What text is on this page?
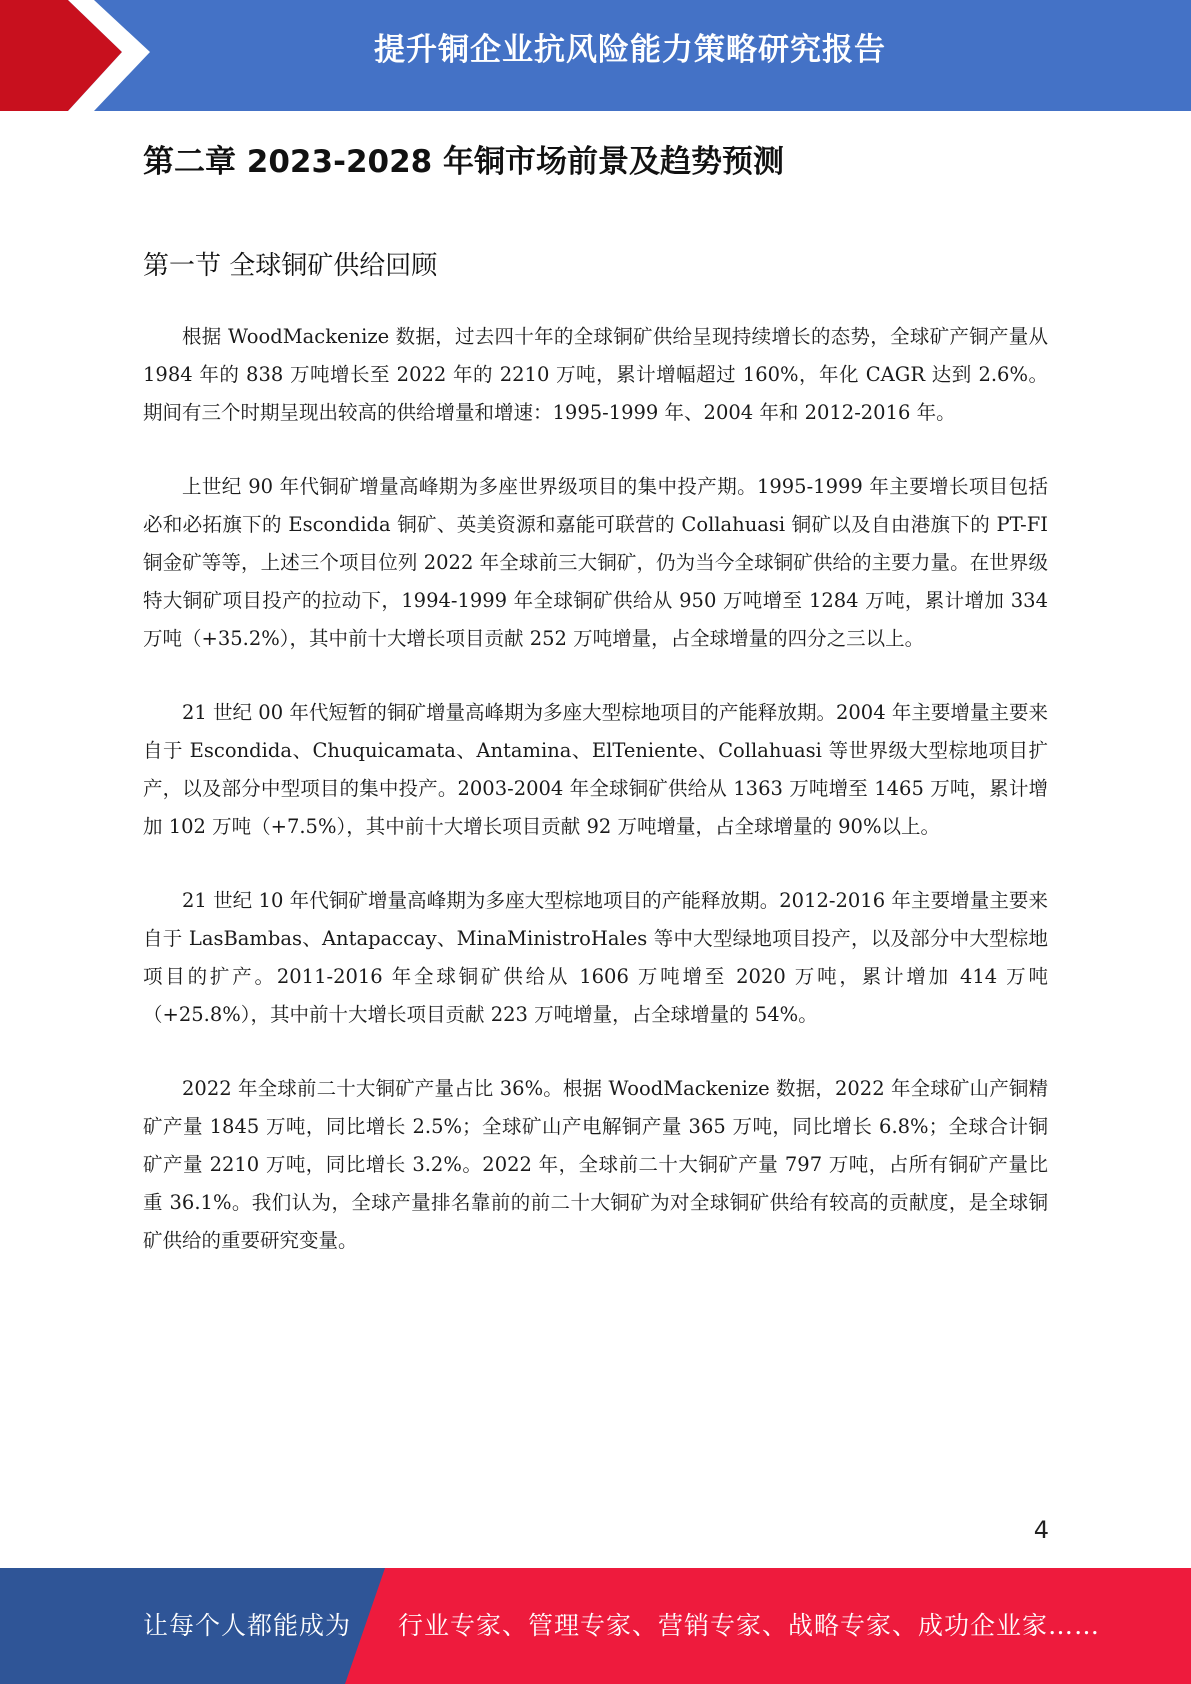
提升铜企业抗风险能力策略研究报告
第二章 2023-2028 年铜市场前景及趋势预测
第一节 全球铜矿供给回顾

根据 WoodMackenize 数据，过去四十年的全球铜矿供给呈现持续增长的态势，全球矿产铜产量从 1984 年的 838 万吨增长至 2022 年的 2210 万吨，累计增幅超过 160%，年化 CAGR 达到 2.6%。期间有三个时期呈现出较高的供给增量和增速：1995-1999 年、2004 年和 2012-2016 年。

上世纪 90 年代铜矿增量高峰期为多座世界级项目的集中投产期。1995-1999 年主要增长项目包括必和必拓旗下的 Escondida 铜矿、英美资源和嘉能可联营的 Collahuasi 铜矿以及自由港旗下的 PT-FI 铜金矿等等，上述三个项目位列 2022 年全球前三大铜矿，仍为当今全球铜矿供给的主要力量。在世界级特大铜矿项目投产的拉动下，1994-1999 年全球铜矿供给从 950 万吨增至 1284 万吨，累计增加 334 万吨（+35.2%），其中前十大增长项目贡献 252 万吨增量，占全球增量的四分之三以上。

21 世纪 00 年代短暂的铜矿增量高峰期为多座大型棕地项目的产能释放期。2004 年主要增量主要来自于 Escondida、Chuquicamata、Antamina、ElTeniente、Collahuasi 等世界级大型棕地项目扩产，以及部分中型项目的集中投产。2003-2004 年全球铜矿供给从 1363 万吨增至 1465 万吨，累计增加 102 万吨（+7.5%），其中前十大增长项目贡献 92 万吨增量，占全球增量的 90%以上。

21 世纪 10 年代铜矿增量高峰期为多座大型棕地项目的产能释放期。2012-2016 年主要增量主要来自于 LasBambas、Antapaccay、MinaMinistroHales 等中大型绿地项目投产，以及部分中大型棕地项目的扩产。2011-2016 年全球铜矿供给从 1606 万吨增至 2020 万吨，累计增加 414 万吨（+25.8%），其中前十大增长项目贡献 223 万吨增量，占全球增量的 54%。

2022 年全球前二十大铜矿产量占比 36%。根据 WoodMackenize 数据，2022 年全球矿山产铜精矿产量 1845 万吨，同比增长 2.5%；全球矿山产电解铜产量 365 万吨，同比增长 6.8%；全球合计铜矿产量 2210 万吨，同比增长 3.2%。2022 年，全球前二十大铜矿产量 797 万吨，占所有铜矿产量比重 36.1%。我们认为，全球产量排名靠前的前二十大铜矿为对全球铜矿供给有较高的贡献度，是全球铜矿供给的重要研究变量。

4
让每个人都能成为 行业专家、管理专家、营销专家、战略专家、成功企业家……
